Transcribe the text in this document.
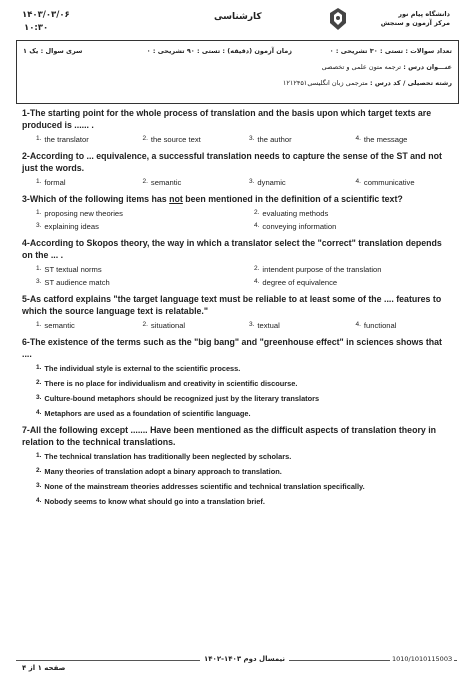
۱۴۰۳/۰۳/۰۶
۱۰:۳۰
کارشناسی	دانشگاه پیام نور
مرکز آزمون و سنجش
تعداد سوالات : تستی : ۳۰ تشریحی : ۰
زمان آزمون (دقیقه) : تستی : ۹۰ تشریحی : ۰
سری سوال : یک ۱
عنـــوان درس : ترجمه متون علمی و تخصصی
رشته تحصیلی / کد درس : مترجمی زبان انگلیسی۱۲۱۲۴۵۱
1-The starting point for the whole process of translation and the basis upon which target texts are produced is ...... .
1. the translator	2. the source text	3. the author	4. the message
2-According to ... equivalence, a successful translation needs to capture the sense of the ST and not just the words.
1. formal	2. semantic	3. dynamic	4. communicative
3-Which of the following items has not been mentioned in the definition of a scientific text?
1. proposing new theories	2. evaluating methods
3. explaining ideas	4. conveying information
4-According to Skopos theory, the way in which a translator select the "correct" translation depends on the ... .
1. ST textual norms	2. intendent purpose of the translation
3. ST audience match	4. degree of equivalence
5-As catford explains "the target language text must be reliable to at least some of the .... features to which the source language text is relatable."
1. semantic	2. situational	3. textual	4. functional
6-The existence of the terms such as the "big bang" and "greenhouse effect" in sciences shows that ....
1. The individual style is external to the scientific process.
2. There is no place for individualism and creativity in scientific discourse.
3. Culture-bound metaphors should be recognized just by the literary translators
4. Metaphors are used as a foundation of scientific language.
7-All the following except ....... Have been mentioned as the difficult aspects of translation theory in relation to the technical translations.
1. The technical translation has traditionally been neglected by scholars.
2. Many theories of translation adopt a binary approach to translation.
3. None of the mainstream theories addresses scientific and technical translation specifically.
4. Nobody seems to know what should go into a translation brief.
نیمسال دوم ۱۴۰۳-۱۴۰۲	1010/101011500З
صفحه ۱ از ۴
